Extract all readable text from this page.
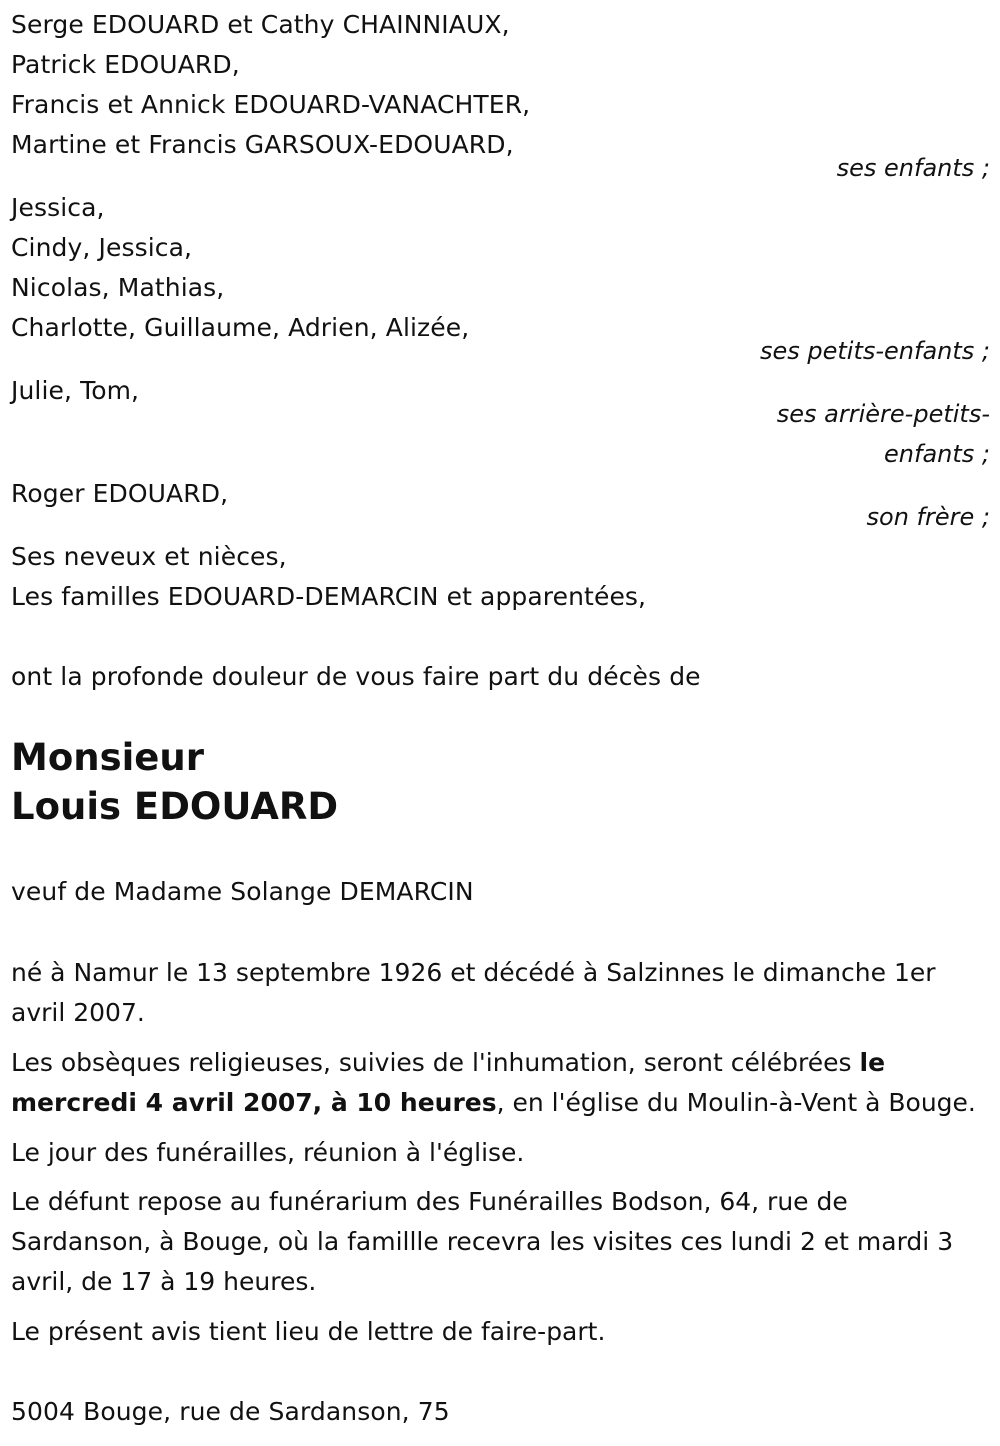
Serge EDOUARD et Cathy CHAINNIAUX,
Patrick EDOUARD,
Francis et Annick EDOUARD-VANACHTER,
Martine et Francis GARSOUX-EDOUARD,
ses enfants ;
Jessica,
Cindy, Jessica,
Nicolas, Mathias,
Charlotte, Guillaume, Adrien, Alizée,
ses petits-enfants ;
Julie, Tom,
ses arrière-petits-
enfants ;
Roger EDOUARD,
son frère ;
Ses neveux et nièces,
Les familles EDOUARD-DEMARCIN et apparentées,
ont la profonde douleur de vous faire part du décès de
Monsieur
Louis EDOUARD
veuf de Madame Solange DEMARCIN
né à Namur le 13 septembre 1926 et décédé à Salzinnes le dimanche 1er avril 2007.
Les obsèques religieuses, suivies de l'inhumation, seront célébrées le mercredi 4 avril 2007, à 10 heures, en l'église du Moulin-à-Vent à Bouge.
Le jour des funérailles, réunion à l'église.
Le défunt repose au funérarium des Funérailles Bodson, 64, rue de Sardanson, à Bouge, où la familllе recevra les visites ces lundi 2 et mardi 3 avril, de 17 à 19 heures.
Le présent avis tient lieu de lettre de faire-part.
5004 Bouge, rue de Sardanson, 75
